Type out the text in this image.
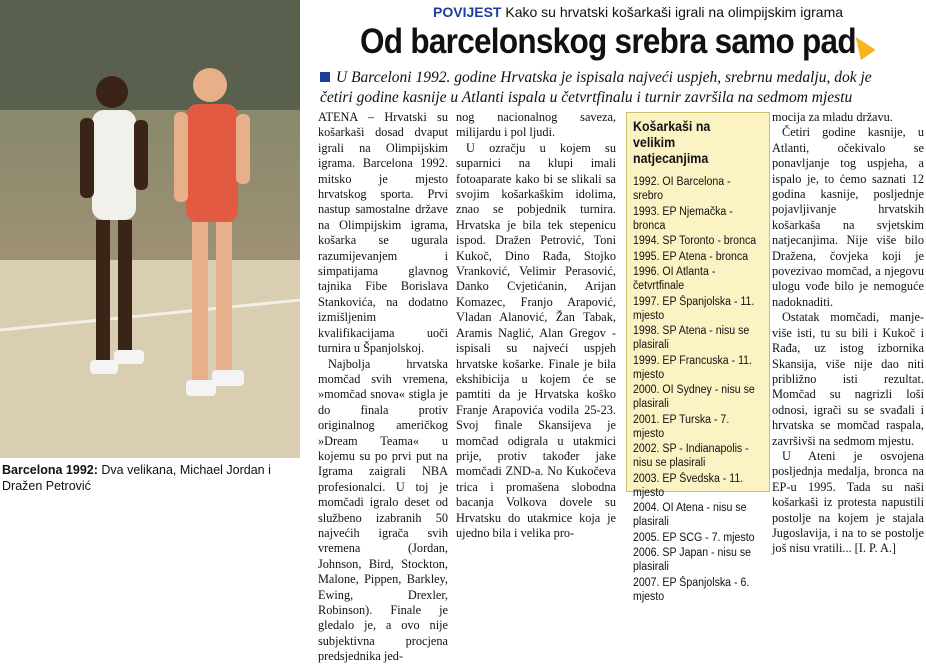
Barcelona 1992: Dva velikana, Michael Jordan i Dražen Petrović
POVIJEST Kako su hrvatski košarkaši igrali na olimpijskim igrama
Od barcelonskog srebra samo pad
U Barceloni 1992. godine Hrvatska je ispisala najveći uspjeh, srebrnu medalju, dok je četiri godine kasnije u Atlanti ispala u četvrtfinalu i turnir završila na sedmom mjestu

ATENA – Hrvatski su košarkaši dosad dvaput igrali na Olimpijskim igrama. Barcelona 1992. mitsko je mjesto hrvatskog sporta. Prvi nastup samostalne države na Olimpijskim igrama, košarka se ugurala razumijevanjem i simpatijama glavnog tajnika Fibe Borislava Stankovića, na dodatno izmišljenim kvalifikacijama uoči turnira u Španjolskoj.

Najbolja hrvatska momčad svih vremena, »momčad snova« stigla je do finala protiv originalnog američkog »Dream Teama« u kojemu su po prvi put na Igrama zaigrali NBA profesionalci. U toj je momčadi igralo deset od službeno izabranih 50 najvećih igrača svih vremena (Jordan, Johnson, Bird, Stockton, Malone, Pippen, Barkley, Ewing, Drexler, Robinson). Finale je gledalo je, a ovo nije subjektivna procjena predsjednika jed-

nog nacionalnog saveza, milijardu i pol ljudi.

U ozračju u kojem su suparnici na klupi imali fotoaparate kako bi se slikali sa svojim košarkaškim idolima, znao se pobjednik turnira. Hrvatska je bila tek stepenicu ispod. Dražen Petrović, Toni Kukoč, Dino Rađa, Stojko Vranković, Velimir Perasović, Danko Cvjetićanin, Arijan Komazec, Franjo Arapović, Vladan Alanović, Žan Tabak, Aramis Naglić, Alan Gregov - ispisali su najveći uspjeh hrvatske košarke. Finale je bila ekshibicija u kojem će se pamtiti da je Hrvatska koško Franje Arapovića vodila 25-23. Svoj finale Skansijeva je momčad odigrala u utakmici prije, protiv također jake momčadi ZND-a. No Kukočeva trica i promašena slobodna bacanja Volkova dovele su Hrvatsku do utakmice koja je ujedno bila i velika pro-

Košarkaši na velikim natjecanjima
1992. OI Barcelona - srebro
1993. EP Njemačka - bronca
1994. SP Toronto - bronca
1995. EP Atena - bronca
1996. OI Atlanta - četvrtfinale
1997. EP Španjolska - 11. mjesto
1998. SP Atena - nisu se plasirali
1999. EP Francuska - 11. mjesto
2000. OI Sydney - nisu se plasirali
2001. EP Turska - 7. mjesto
2002. SP - Indianapolis - nisu se plasirali
2003. EP Švedska - 11. mjesto
2004. OI Atena - nisu se plasirali
2005. EP SCG - 7. mjesto
2006. SP Japan - nisu se plasirali
2007. EP Španjolska - 6. mjesto

mocija za mladu državu.

Četiri godine kasnije, u Atlanti, očekivalo se ponavljanje tog uspjeha, a ispalo je, to ćemo saznati 12 godina kasnije, posljednje pojavljivanje hrvatskih košarkaša na svjetskim natjecanjima. Nije više bilo Dražena, čovjeka koji je povezivao momčad, a njegovu ulogu vođe bilo je nemoguće nadoknaditi.

Ostatak momčadi, manje-više isti, tu su bili i Kukoč i Rađa, uz istog izbornika Skansija, više nije dao niti približno isti rezultat. Momčad su nagrizli loši odnosi, igrači su se svađali i hrvatska se momčad raspala, završivši na sedmom mjestu.

U Ateni je osvojena posljednja medalja, bronca na EP-u 1995. Tada su naši košarkaši iz protesta napustili postolje na kojem je stajala Jugoslavija, i na to se postolje još nisu vratili... [I. P. A.]
